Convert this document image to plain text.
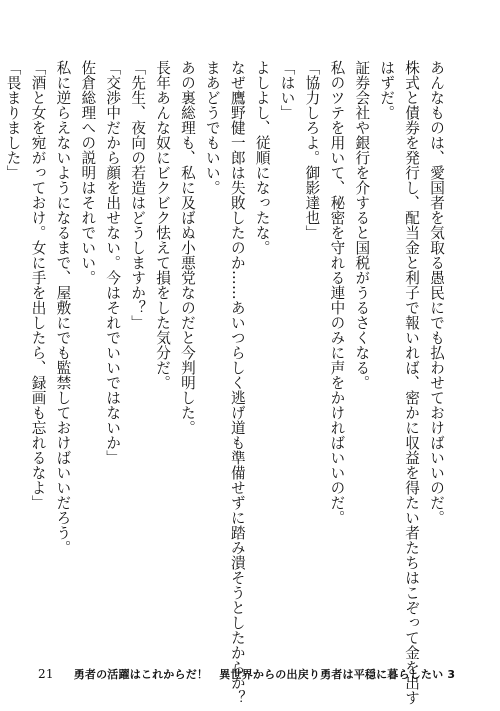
あんなものは、愛国者を気取る愚民にでも払わせておけばいいのだ。
株式と債券を発行し、配当金と利子で報いれば、密かに収益を得たい者たちはこぞって金を出す
はずだ。
証券会社や銀行を介すると国税がうるさくなる。
私のツテを用いて、秘密を守れる連中のみに声をかければいいのだ。
「協力しろよ。御影達也」
「はい」
よしよし、従順になったな。
なぜ鷹野健一郎は失敗したのか……あいつらしく逃げ道も準備せずに踏み潰そうとしたからか？
まあどうでもいい。
あの裏総理も、私に及ばぬ小悪党なのだと今判明した。
長年あんな奴にビクビク怯えて損をした気分だ。
「先生、夜向の若造はどうしますか？」
「交渉中だから顔を出せない。今はそれでいいではないか」
佐倉総理への説明はそれでいい。
私に逆らえないようになるまで、屋敷にでも監禁しておけばいいだろう。
「酒と女を宛がっておけ。女に手を出したら、録画も忘れるなよ」
「畏まりました」
21 勇者の活躍はこれからだ！　異世界からの出戻り勇者は平穏に暮らしたい 3
